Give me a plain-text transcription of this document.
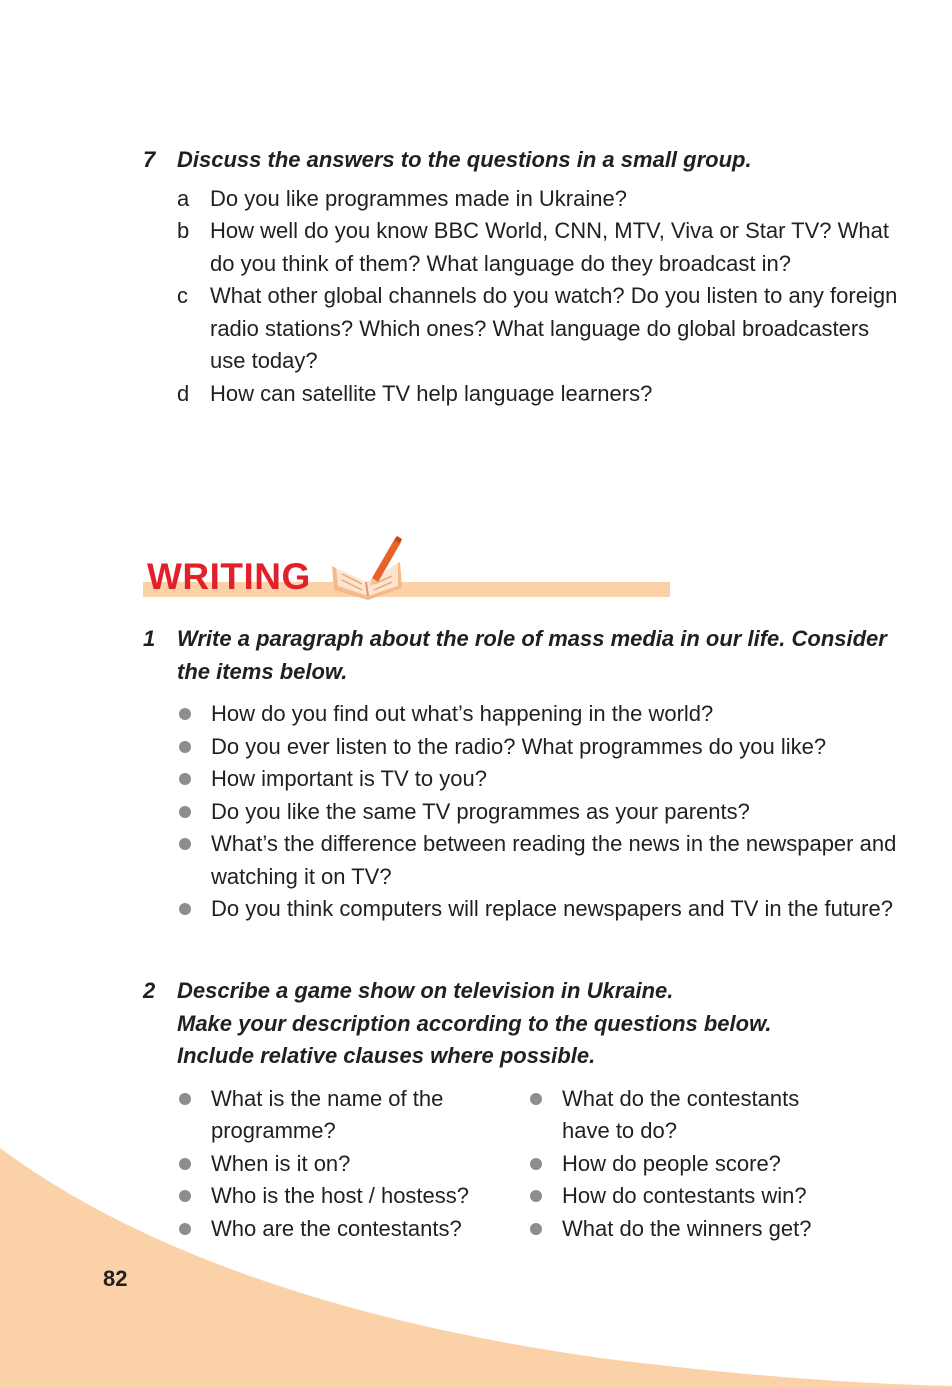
7 Discuss the answers to the questions in a small group.
a Do you like programmes made in Ukraine?
b How well do you know BBC World, CNN, MTV, Viva or Star TV? What do you think of them? What language do they broadcast in?
c	What other global channels do you watch? Do you listen to any foreign radio stations? Which ones? What language do global broadcasters use today?
d How can satellite TV help language learners?
WRITING
1 Write a paragraph about the role of mass media in our life. Consider the items below.
How do you find out what’s happening in the world?
Do you ever listen to the radio? What programmes do you like?
How important is TV to you?
Do you like the same TV programmes as your parents?
What’s the difference between reading the news in the newspaper and watching it on TV?
Do you think computers will replace newspapers and TV in the future?
2 Describe a game show on television in Ukraine.
Make your description according to the questions below.
Include relative clauses where possible.
What is the name of the programme?
When is it on?
Who is the host / hostess?
Who are the contestants?
What do the contestants have to do?
How do people score?
How do contestants win?
What do the winners get?
82
